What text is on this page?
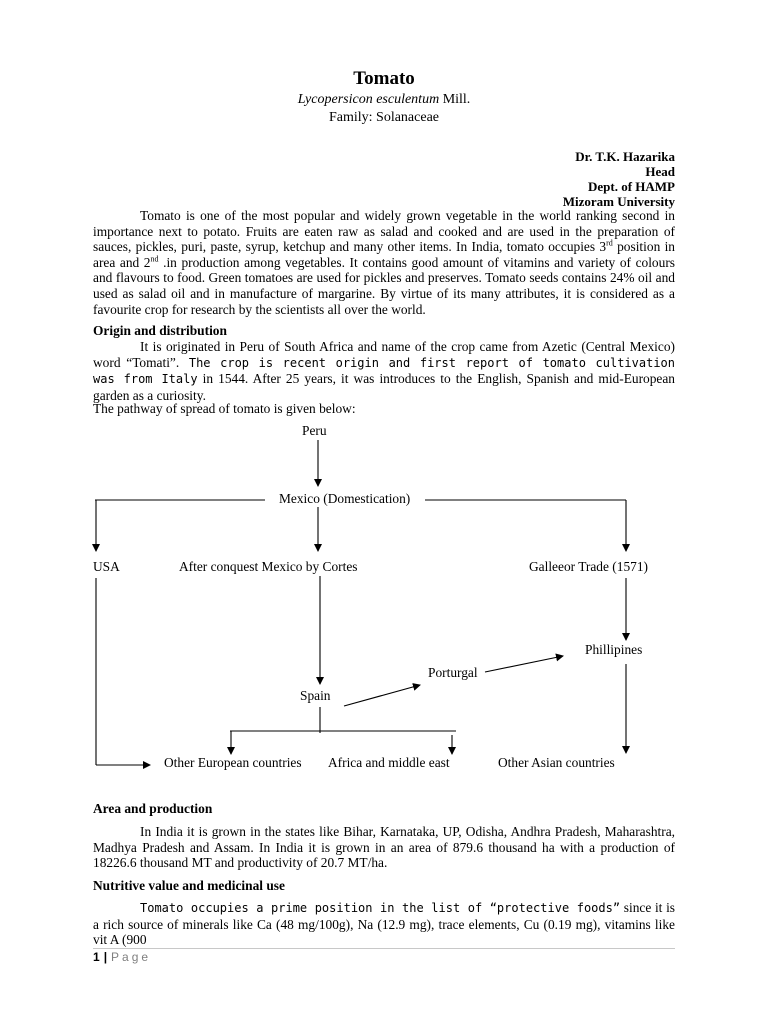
Tomato
Lycopersicon esculentum Mill.
Family: Solanaceae
Dr. T.K. Hazarika
Head
Dept. of HAMP
Mizoram University
Tomato is one of the most popular and widely grown vegetable in the world ranking second in importance next to potato. Fruits are eaten raw as salad and cooked and are used in the preparation of sauces, pickles, puri, paste, syrup, ketchup and many other items. In India, tomato occupies 3rd position in area and 2nd .in production among vegetables. It contains good amount of vitamins and variety of colours and flavours to food. Green tomatoes are used for pickles and preserves. Tomato seeds contains 24% oil and used as salad oil and in manufacture of margarine. By virtue of its many attributes, it is considered as a favourite crop for research by the scientists all over the world.
Origin and distribution
It is originated in Peru of South Africa and name of the crop came from Azetic (Central Mexico) word “Tomati”. The crop is recent origin and first report of tomato cultivation was from Italy in 1544. After 25 years, it was introduces to the English, Spanish and mid-European garden as a curiosity.
The pathway of spread of tomato is given below:
Peru
Mexico (Domestication)
USA	After conquest Mexico by Cortes	Galleeor Trade (1571)
Phillipines
Porturgal
Spain
Other European countries Africa and middle east	Other Asian countries
Area and production
In India it is grown in the states like Bihar, Karnataka, UP, Odisha, Andhra Pradesh, Maharashtra, Madhya Pradesh and Assam. In India it is grown in an area of 879.6 thousand ha with a production of 18226.6 thousand MT and productivity of 20.7 MT/ha.
Nutritive value and medicinal use
Tomato occupies a prime position in the list of “protective foods” since it is a rich source of minerals like Ca (48 mg/100g), Na (12.9 mg), trace elements, Cu (0.19 mg), vitamins like vit A (900
1 | Page
